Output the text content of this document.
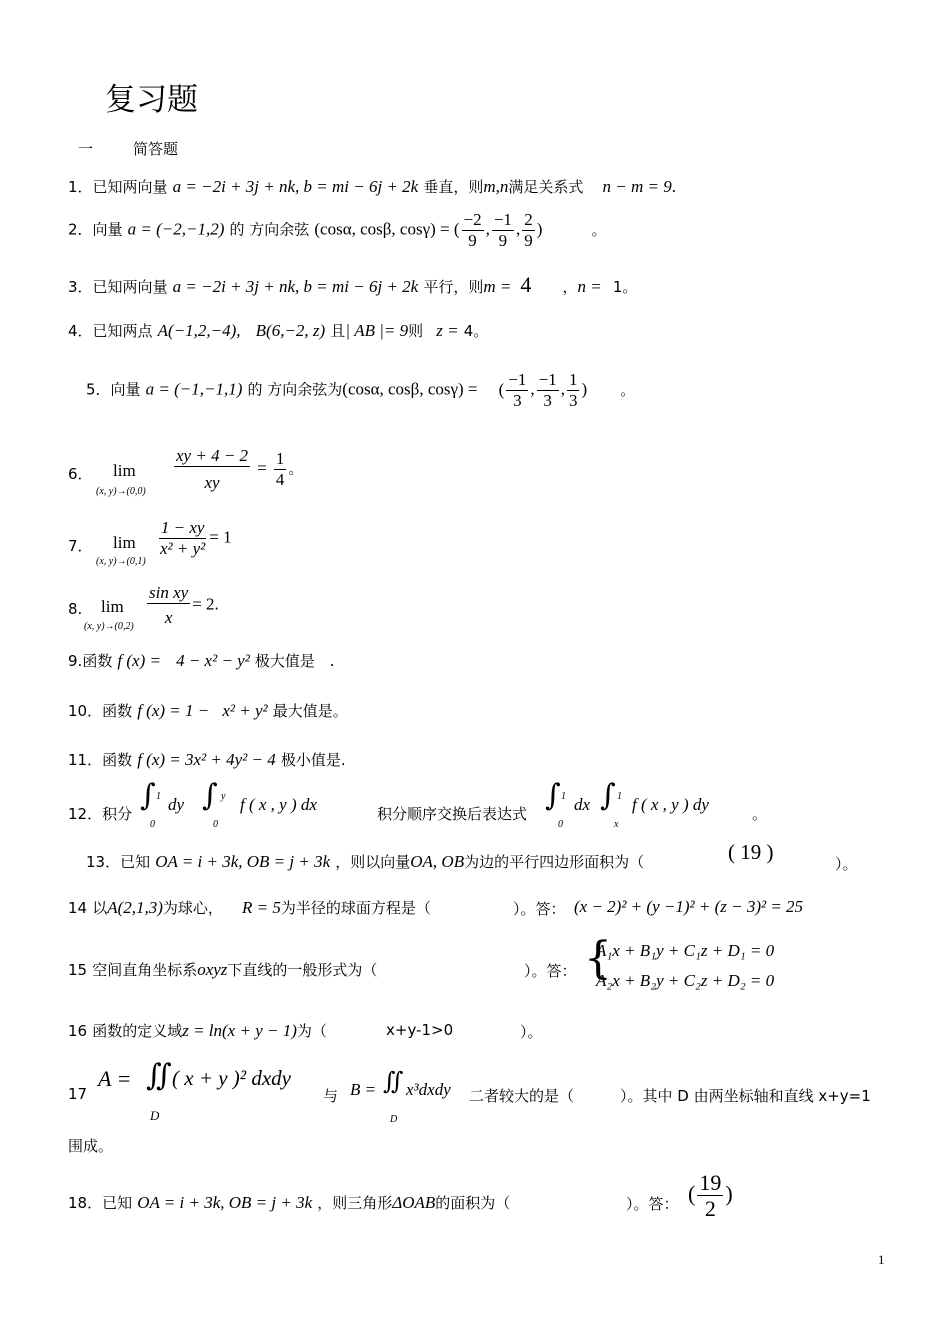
复习题
一	简答题
1．已知两向量 a = −2i + 3j + nk, b = mi − 6j + 2k 垂直，则m,n满足关系式 n − m = 9.
2．向量 a = (−2,−1,2) 的 方向余弦 (cosα, cosβ, cosγ) = ( $\frac{-2}{9}$ , $\frac{-1}{9}$ , $\frac{2}{9}$ )	。
3．已知两向量 a = −2i + 3j + nk, b = mi − 6j + 2k 平行，则m = 4 ，n = 1。
4．已知两点 A(−1,2,−4), B(6,−2, z) 且| AB |= 9则 z = 4。
5．向量 a = (−1,−1,1) 的 方向余弦为(cosα, cosβ, cosγ) = ( $\frac{-1}{3}$ , $\frac{-1}{3}$ , $\frac{1}{3}$ ) 。
6． lim
(x, $y)\to(0,0) \frac{xy + 4 - 2}{xy} = \frac{1}{4}$ 。
7． lim
(x, y)→(0,1)
$\frac{1 - xy}{\text{x² + y²}} = 1$
8. lim
(x, $y)\to(0,2) \frac{\text{sin xy}}{x} = 2$.
9.函数 f (x) = 4 − x² − y² 极大值是 .
10．函数 f (x) = 1 − x² + y² 最大值是。
11．函数 f (x) = 3x² + 4y² − 4 极小值是.
12．积分
∫ 1
0
dy ∫ y
0
f ( x , y ) dx	积分顺序交换后表达式
∫ 1
0
dx ∫ 1
x
f ( x , y ) dy	。
13．已知 OA = i + 3k, OB = j + 3k ，则以向量OA, OB为边的平行四边形面积为（	( 19 )	）。
14 以A(2,1,3)为球心， R = 5为半径的球面方程是（	）。答： (x − 2)² + (y −1)² + (z − 3)² = 25
15 空间直角坐标系oxyz下直线的一般形式为（	）。答： {
A₁x + B₁y + C₁z + D₁ = 0
A₂x + B₂y + C₂z + D₂ = 0
16 函数的定义域z = ln(x + y − 1)为（	x+y-1>0	）。
17
A = ∬
D
( x + y )² dxdy
与 B = ∬
D
x³dxdy 二者较大的是（	）。其中 D 由两坐标轴和直线 x+y=1
围成。
18．已知 OA = i + 3k, OB = j + 3k ，则三角形ΔOAB的面积为（	）。答： ( $\frac{19}{2}$ )
1
